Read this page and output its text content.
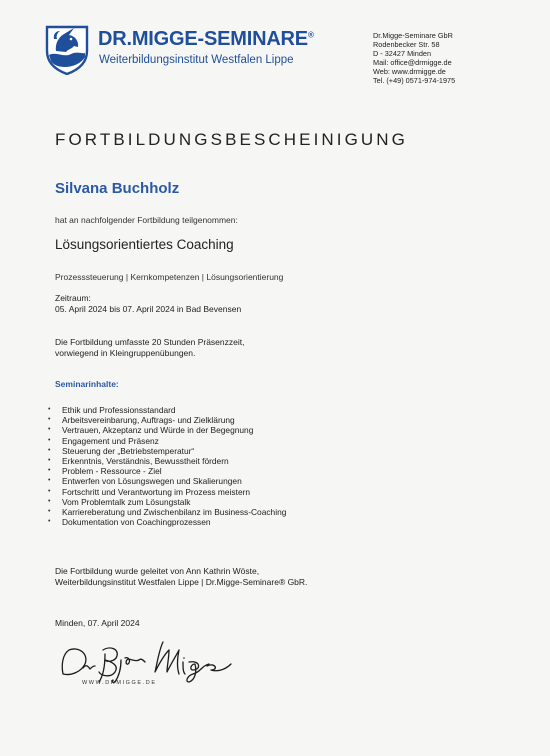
DR.MIGGE-SEMINARE®
Weiterbildungsinstitut Westfalen Lippe
Dr.Migge-Seminare GbR
Rodenbecker Str. 58
D - 32427 Minden
Mail: office@drmigge.de
Web: www.drmigge.de
Tel. (+49) 0571-974-1975
FORTBILDUNGSBESCHEINIGUNG
Silvana Buchholz
hat an nachfolgender Fortbildung teilgenommen:
Lösungsorientiertes Coaching
Prozesssteuerung | Kernkompetenzen | Lösungsorientierung
Zeitraum:
05. April 2024 bis 07. April 2024 in Bad Bevensen
Die Fortbildung umfasste 20 Stunden Präsenzzeit,
vorwiegend in Kleingruppenübungen.
Seminarinhalte:
• Ethik und Professionsstandard
• Arbeitsvereinbarung, Auftrags- und Zielklärung
• Vertrauen, Akzeptanz und Würde in der Begegnung
• Engagement und Präsenz
• Steuerung der „Betriebstemperatur“
• Erkenntnis, Verständnis, Bewusstheit fördern
• Problem - Ressource - Ziel
• Entwerfen von Lösungswegen und Skalierungen
• Fortschritt und Verantwortung im Prozess meistern
• Vom Problemtalk zum Lösungstalk
• Karriereberatung und Zwischenbilanz im Business-Coaching
• Dokumentation von Coachingprozessen
Die Fortbildung wurde geleitet von Ann Kathrin Wöste,
Weiterbildungsinstitut Westfalen Lippe | Dr.Migge-Seminare® GbR.
Minden, 07. April 2024
WWW.DRMIGGE.DE
